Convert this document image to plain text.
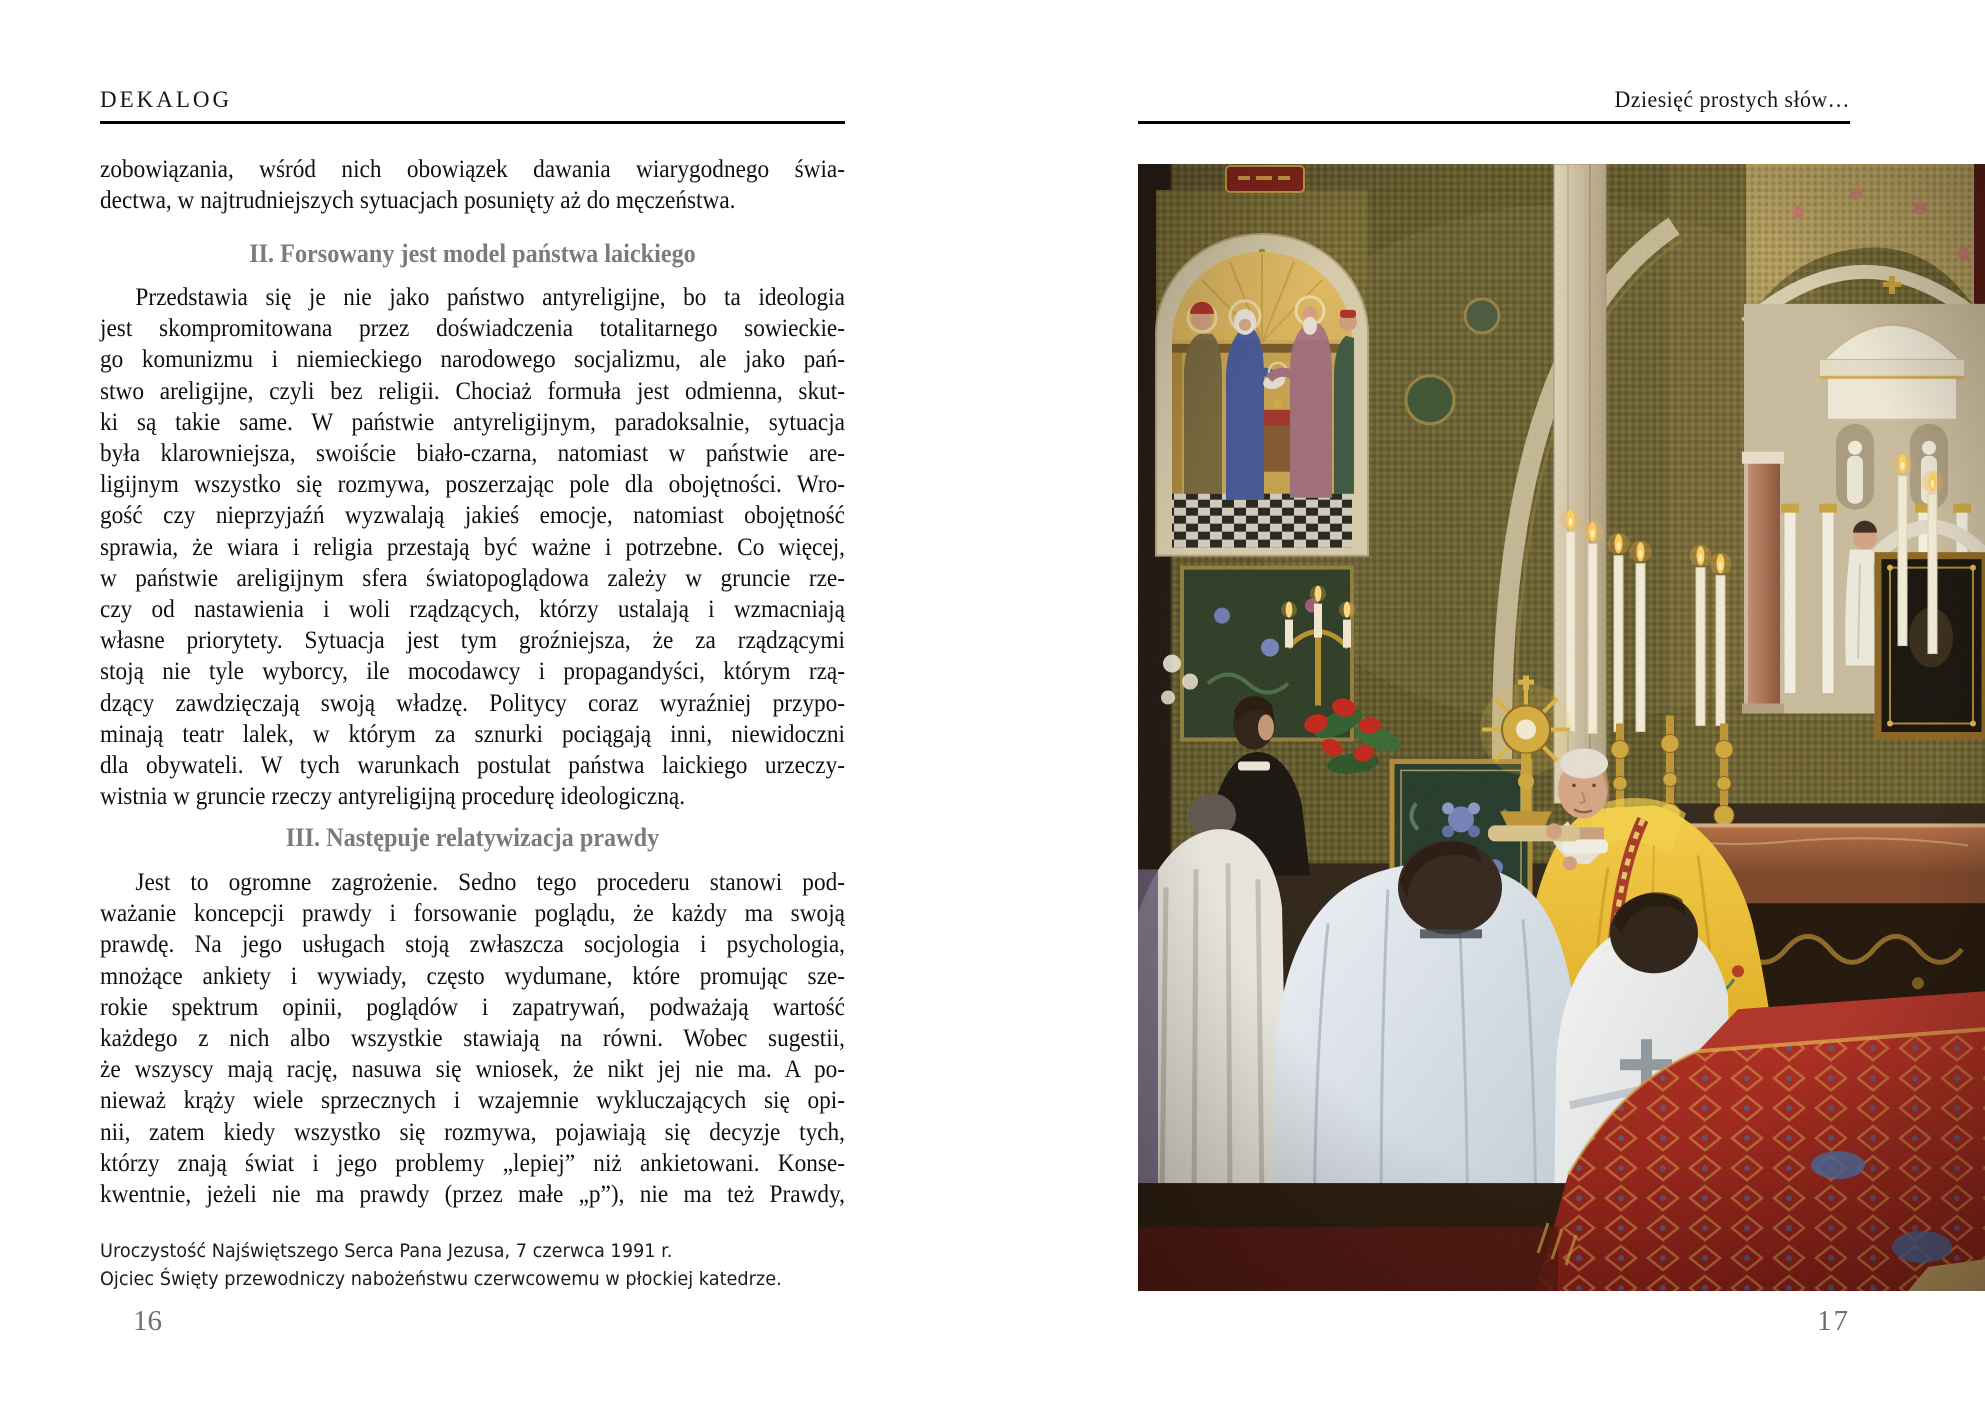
DEKALOG
zobowiązania, wśród nich obowiązek dawania wiarygodnego świa-
dectwa, w najtrudniejszych sytuacjach posunięty aż do męczeństwa.
II. Forsowany jest model państwa laickiego
Przedstawia się je nie jako państwo antyreligijne, bo ta ideologia
jest skompromitowana przez doświadczenia totalitarnego sowieckie-
go komunizmu i niemieckiego narodowego socjalizmu, ale jako pań-
stwo areligijne, czyli bez religii. Chociaż formuła jest odmienna, skut-
ki są takie same. W państwie antyreligijnym, paradoksalnie, sytuacja
była klarowniejsza, swoiście biało-czarna, natomiast w państwie are-
ligijnym wszystko się rozmywa, poszerzając pole dla obojętności. Wro-
gość czy nieprzyjaźń wyzwalają jakieś emocje, natomiast obojętność
sprawia, że wiara i religia przestają być ważne i potrzebne. Co więcej,
w państwie areligijnym sfera światopoglądowa zależy w gruncie rze-
czy od nastawienia i woli rządzących, którzy ustalają i wzmacniają
własne priorytety. Sytuacja jest tym groźniejsza, że za rządzącymi
stoją nie tyle wyborcy, ile mocodawcy i propagandyści, którym rzą-
dzący zawdzięczają swoją władzę. Politycy coraz wyraźniej przypo-
minają teatr lalek, w którym za sznurki pociągają inni, niewidoczni
dla obywateli. W tych warunkach postulat państwa laickiego urzeczy-
wistnia w gruncie rzeczy antyreligijną procedurę ideologiczną.
III. Następuje relatywizacja prawdy
Jest to ogromne zagrożenie. Sedno tego procederu stanowi pod-
ważanie koncepcji prawdy i forsowanie poglądu, że każdy ma swoją
prawdę. Na jego usługach stoją zwłaszcza socjologia i psychologia,
mnożące ankiety i wywiady, często wydumane, które promując sze-
rokie spektrum opinii, poglądów i zapatrywań, podważają wartość
każdego z nich albo wszystkie stawiają na równi. Wobec sugestii,
że wszyscy mają rację, nasuwa się wniosek, że nikt jej nie ma. A po-
nieważ krąży wiele sprzecznych i wzajemnie wykluczających się opi-
nii, zatem kiedy wszystko się rozmywa, pojawiają się decyzje tych,
którzy znają świat i jego problemy „lepiej” niż ankietowani. Konse-
kwentnie, jeżeli nie ma prawdy (przez małe „p”), nie ma też Prawdy,
Uroczystość Najświętszego Serca Pana Jezusa, 7 czerwca 1991 r.
Ojciec Święty przewodniczy nabożeństwu czerwcowemu w płockiej katedrze.
16
Dziesięć prostych słów…
17
